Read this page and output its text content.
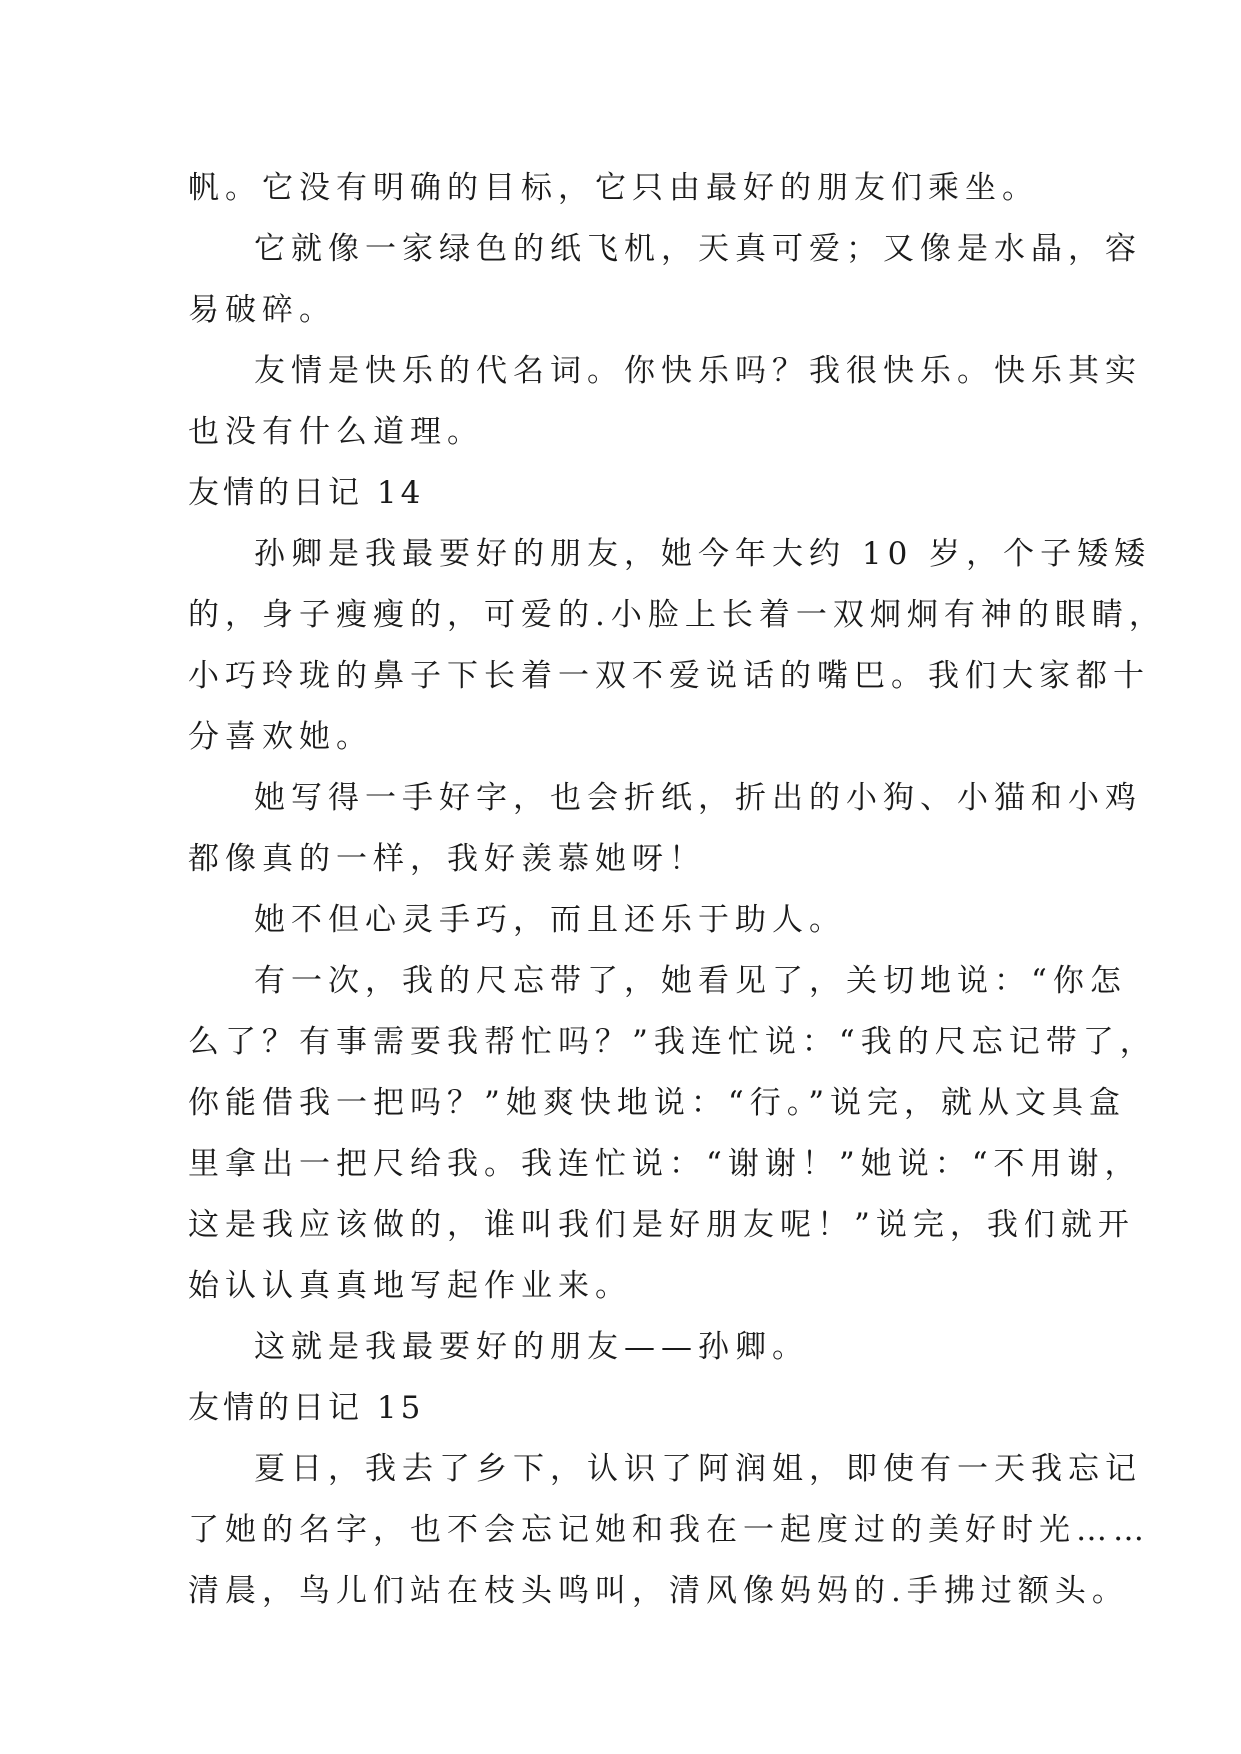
帆。它没有明确的目标，它只由最好的朋友们乘坐。
它就像一家绿色的纸飞机，天真可爱；又像是水晶，容
易破碎。
友情是快乐的代名词。你快乐吗？我很快乐。快乐其实
也没有什么道理。
友情的日记 14
孙卿是我最要好的朋友，她今年大约 10 岁，个子矮矮
的，身子瘦瘦的，可爱的.小脸上长着一双炯炯有神的眼睛，
小巧玲珑的鼻子下长着一双不爱说话的嘴巴。我们大家都十
分喜欢她。
她写得一手好字，也会折纸，折出的小狗、小猫和小鸡
都像真的一样，我好羡慕她呀！
她不但心灵手巧，而且还乐于助人。
有一次，我的尺忘带了，她看见了，关切地说：“你怎
么了？有事需要我帮忙吗？”我连忙说：“我的尺忘记带了，
你能借我一把吗？”她爽快地说：“行。”说完，就从文具盒
里拿出一把尺给我。我连忙说：“谢谢！”她说：“不用谢，
这是我应该做的，谁叫我们是好朋友呢！”说完，我们就开
始认认真真地写起作业来。
这就是我最要好的朋友——孙卿。
友情的日记 15
夏日，我去了乡下，认识了阿润姐，即使有一天我忘记
了她的名字，也不会忘记她和我在一起度过的美好时光……
清晨，鸟儿们站在枝头鸣叫，清风像妈妈的.手拂过额头。
